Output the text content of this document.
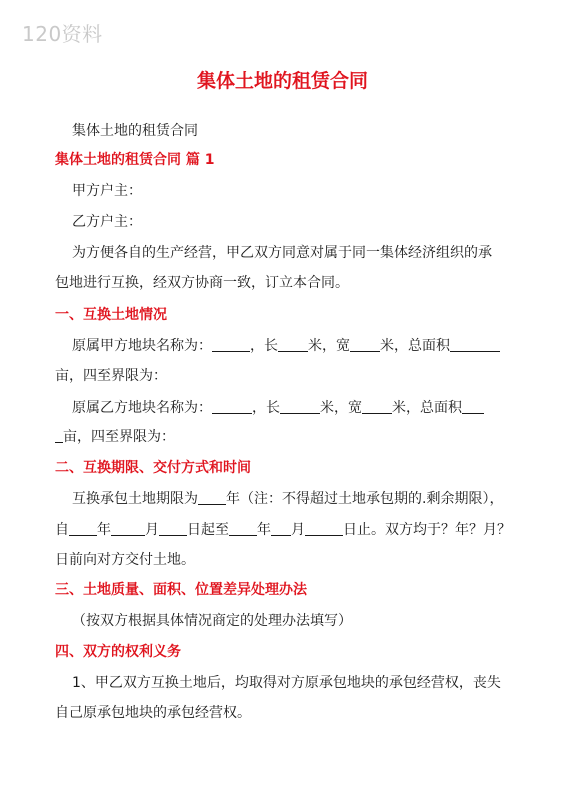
120资料
集体土地的租赁合同
集体土地的租赁合同
集体土地的租赁合同 篇 1
甲方户主：
乙方户主：
为方便各自的生产经营，甲乙双方同意对属于同一集体经济组织的承
包地进行互换，经双方协商一致，订立本合同。
一、互换土地情况
原属甲方地块名称为：	，长 米，宽 米，总面积
亩，四至界限为：
原属乙方地块名称为：	，长	米，宽 米，总面积
亩，四至界限为：
二、互换期限、交付方式和时间
互换承包土地期限为 年（注：不得超过土地承包期的.剩余期限），
自 年 月 日起至 年 月	日止。双方均于？年？月？
日前向对方交付土地。
三、土地质量、面积、位置差异处理办法
（按双方根据具体情况商定的处理办法填写）
四、双方的权利义务
1、甲乙双方互换土地后，均取得对方原承包地块的承包经营权，丧失
自己原承包地块的承包经营权。
